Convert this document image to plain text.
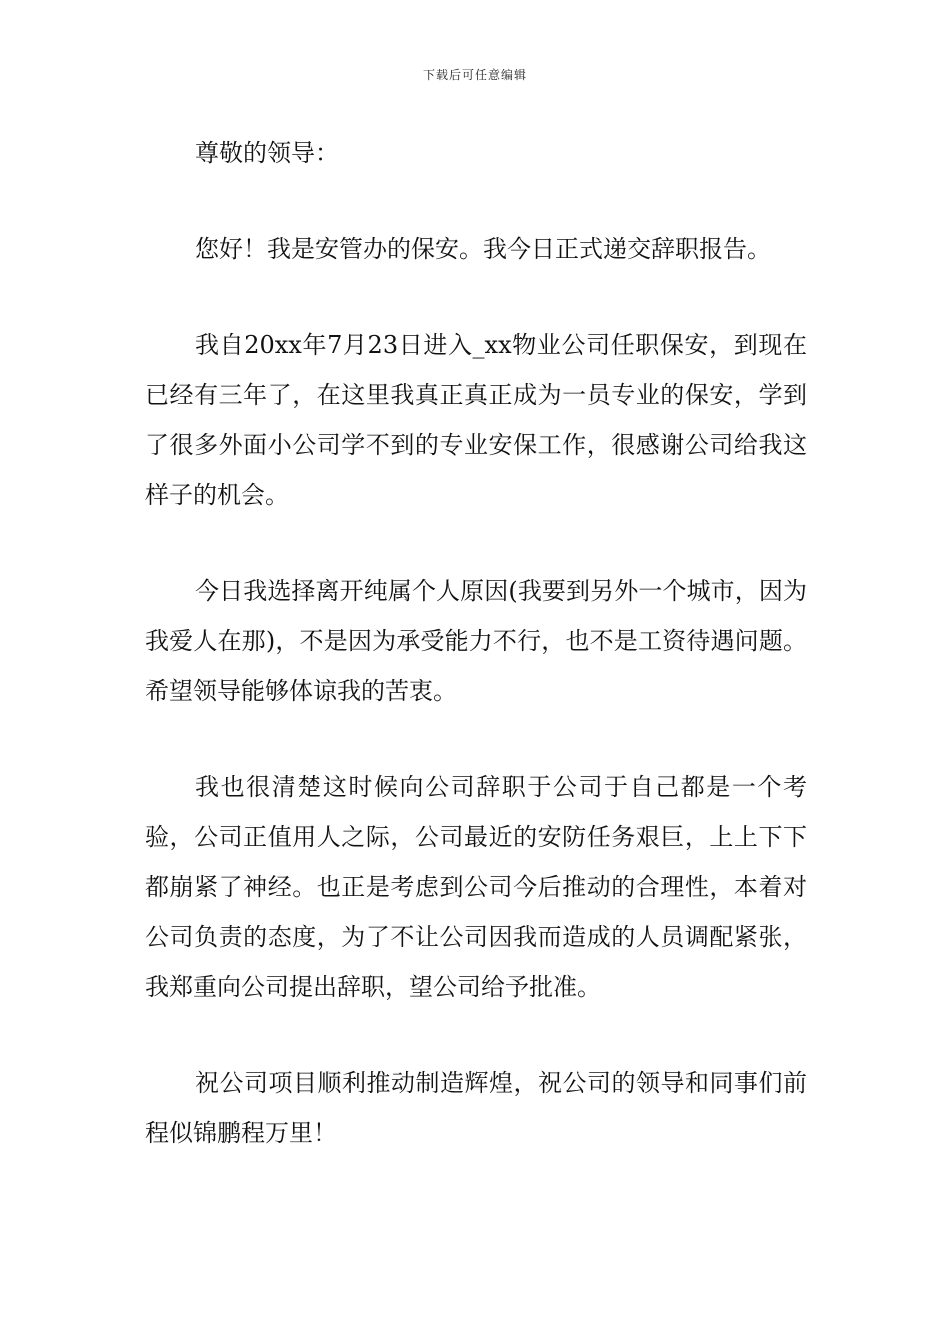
下载后可任意编辑

尊敬的领导：

您好！我是安管办的保安。我今日正式递交辞职报告。

我自20xx年7月23日进入_xx物业公司任职保安，到现在已经有三年了，在这里我真正真正成为一员专业的保安，学到了很多外面小公司学不到的专业安保工作，很感谢公司给我这样子的机会。

今日我选择离开纯属个人原因(我要到另外一个城市，因为我爱人在那)，不是因为承受能力不行，也不是工资待遇问题。希望领导能够体谅我的苦衷。

我也很清楚这时候向公司辞职于公司于自己都是一个考验，公司正值用人之际，公司最近的安防任务艰巨，上上下下都崩紧了神经。也正是考虑到公司今后推动的合理性，本着对公司负责的态度，为了不让公司因我而造成的人员调配紧张，我郑重向公司提出辞职，望公司给予批准。

祝公司项目顺利推动制造辉煌，祝公司的领导和同事们前程似锦鹏程万里！
